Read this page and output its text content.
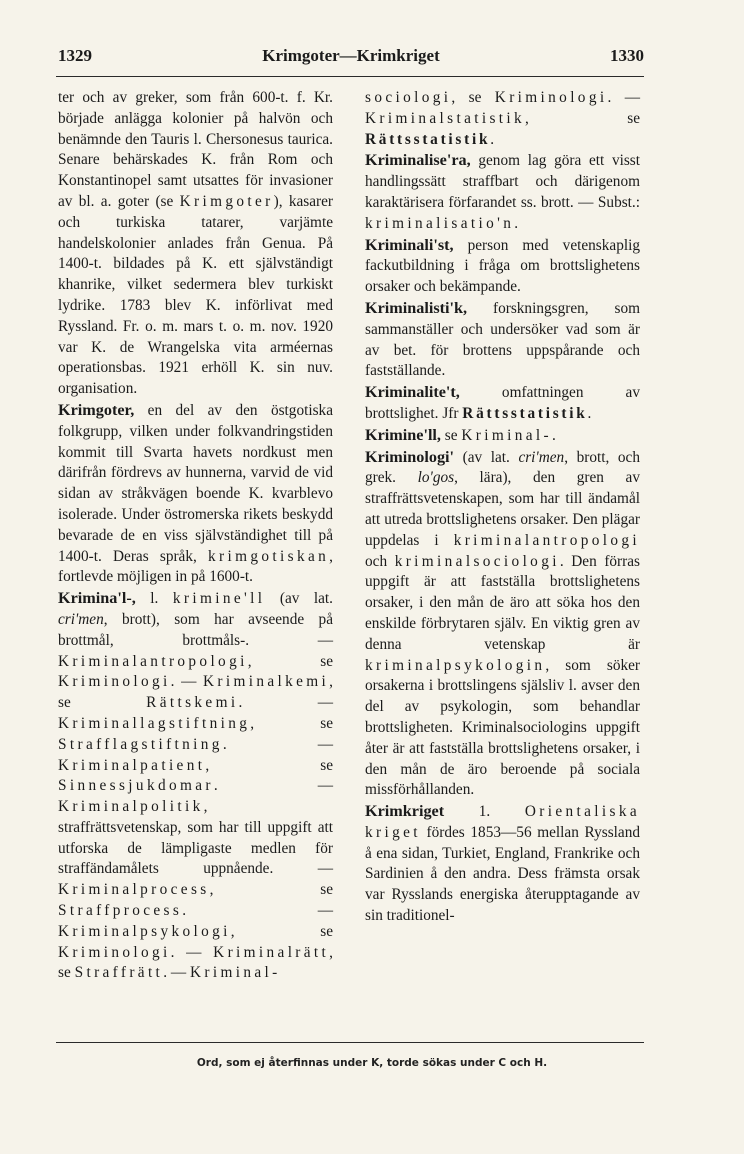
1329	Krimgoter—Krimkriget	1330

ter och av greker, som från 600-t. f. Kr. började anlägga kolonier på halvön och benämnde den Tauris l. Chersonesus taurica. Senare behärskades K. från Rom och Konstantinopel samt utsattes för invasioner av bl. a. goter (se Krimgoter), kasarer och turkiska tatarer, varjämte handelskolonier anlades från Genua. På 1400-t. bildades på K. ett självständigt khanrike, vilket sedermera blev turkiskt lydrike. 1783 blev K. införlivat med Ryssland. Fr. o. m. mars t. o. m. nov. 1920 var K. de Wrangelska vita arméernas operationsbas. 1921 erhöll K. sin nuv. organisation.

Krimgoter, en del av den östgotiska folkgrupp, vilken under folkvandringstiden kommit till Svarta havets nordkust men därifrån fördrevs av hunnerna, varvid de vid sidan av stråkvägen boende K. kvarblevo isolerade. Under östromerska rikets beskydd bevarade de en viss självständighet till på 1400-t. Deras språk, krimgotiskan, fortlevde möjligen in på 1600-t.

Krimina'l-, l. krimine'll (av lat. cri'men, brott), som har avseende på brottmål, brottmåls-. —Kriminalantropologi, se Kriminologi. — Kriminalkemi, se Rättskemi. — Kriminallagstiftning, se Strafflagstiftning. — Kriminalpatient, se Sinnessjukdomar. — Kriminalpolitik, straffrättsvetenskap, som har till uppgift att utforska de lämpligaste medlen för straffändamålets uppnående. — Kriminalprocess, se Straffprocess. — Kriminalpsykologi, se Kriminologi. — Kriminalrätt, se Straffrätt. — Kriminal-

sociologi, se Kriminologi. — Kriminalstatistik, se Rättsstatistik.

Kriminalise'ra, genom lag göra ett visst handlingssätt straffbart och därigenom karaktärisera förfarandet ss. brott. — Subst.: kriminalisatio'n.

Kriminali'st, person med vetenskaplig fackutbildning i fråga om brottslighetens orsaker och bekämpande.

Kriminalisti'k, forskningsgren, som sammanställer och undersöker vad som är av bet. för brottens uppspårande och fastställande.

Kriminalite't, omfattningen av brottslighet. Jfr Rättsstatistik.

Krimine'll, se Kriminal-.

Kriminologi' (av lat. cri'men, brott, och grek. lo'gos, lära), den gren av straffrättsvetenskapen, som har till ändamål att utreda brottslighetens orsaker. Den plägar uppdelas i kriminalantropologi och kriminalsociologi. Den förras uppgift är att fastställa brottslighetens orsaker, i den mån de äro att söka hos den enskilde förbrytaren själv. En viktig gren av denna vetenskap är kriminalpsykologin, som söker orsakerna i brottslingens själsliv l. avser den del av psykologin, som behandlar brottsligheten. Kriminalsociologins uppgift åter är att fastställa brottslighetens orsaker, i den mån de äro beroende på sociala missförhållanden.

Krimkriget 1. Orientaliska kriget fördes 1853—56 mellan Ryssland å ena sidan, Turkiet, England, Frankrike och Sardinien å den andra. Dess främsta orsak var Rysslands energiska återupptagande av sin traditionel-

Ord, som ej återfinnas under K, torde sökas under C och H.
